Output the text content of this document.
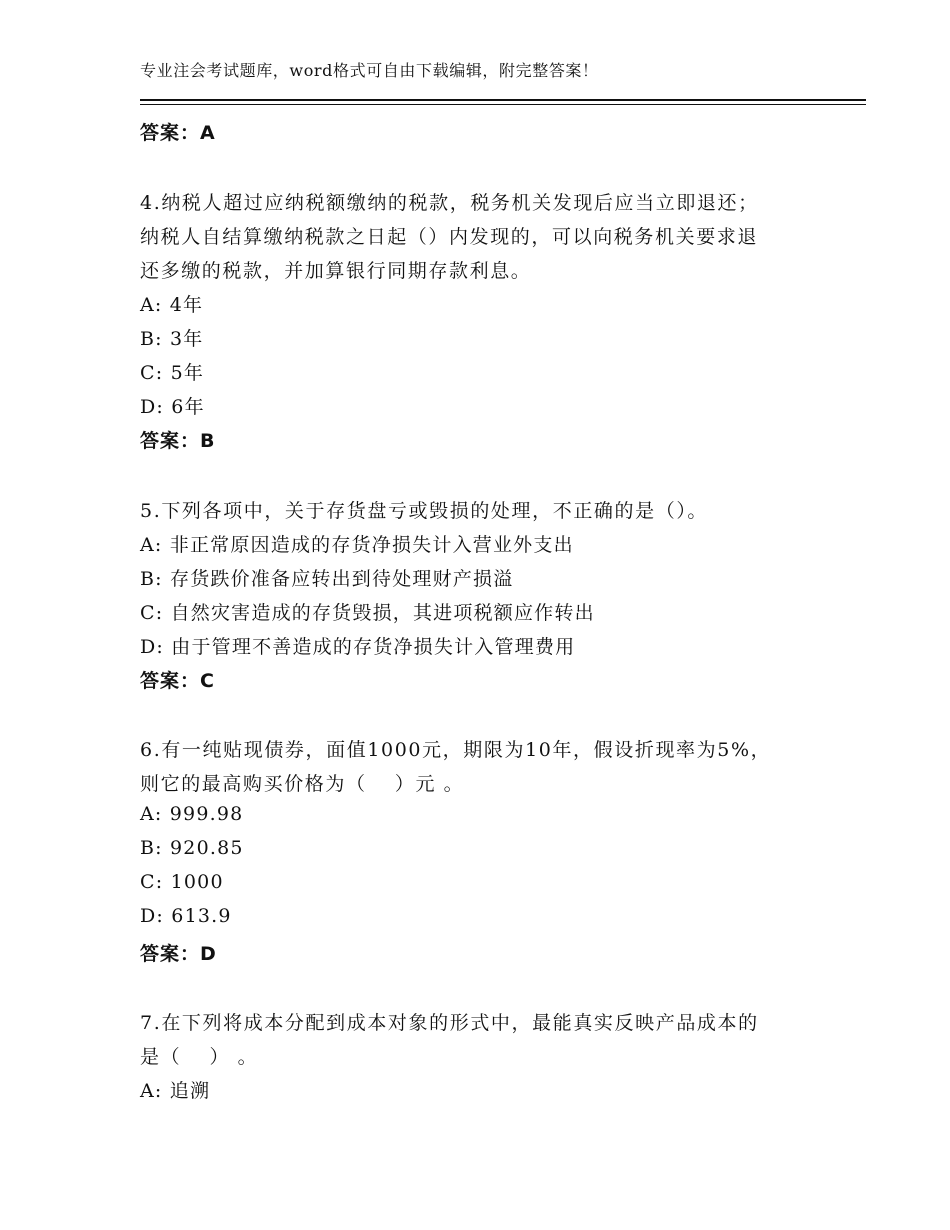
专业注会考试题库，word格式可自由下载编辑，附完整答案！
答案：A
4.纳税人超过应纳税额缴纳的税款，税务机关发现后应当立即退还；
纳税人自结算缴纳税款之日起（）内发现的，可以向税务机关要求退
还多缴的税款，并加算银行同期存款利息。
A: 4年
B: 3年
C: 5年
D: 6年
答案：B
5.下列各项中，关于存货盘亏或毁损的处理，不正确的是（）。
A: 非正常原因造成的存货净损失计入营业外支出
B: 存货跌价准备应转出到待处理财产损溢
C: 自然灾害造成的存货毁损，其进项税额应作转出
D: 由于管理不善造成的存货净损失计入管理费用
答案：C
6.有一纯贴现债券，面值1000元，期限为10年，假设折现率为5%，
则它的最高购买价格为（　 ）元 。
A: 999.98
B: 920.85
C: 1000
D: 613.9
答案：D
7.在下列将成本分配到成本对象的形式中，最能真实反映产品成本的
是（　 ） 。
A: 追溯
